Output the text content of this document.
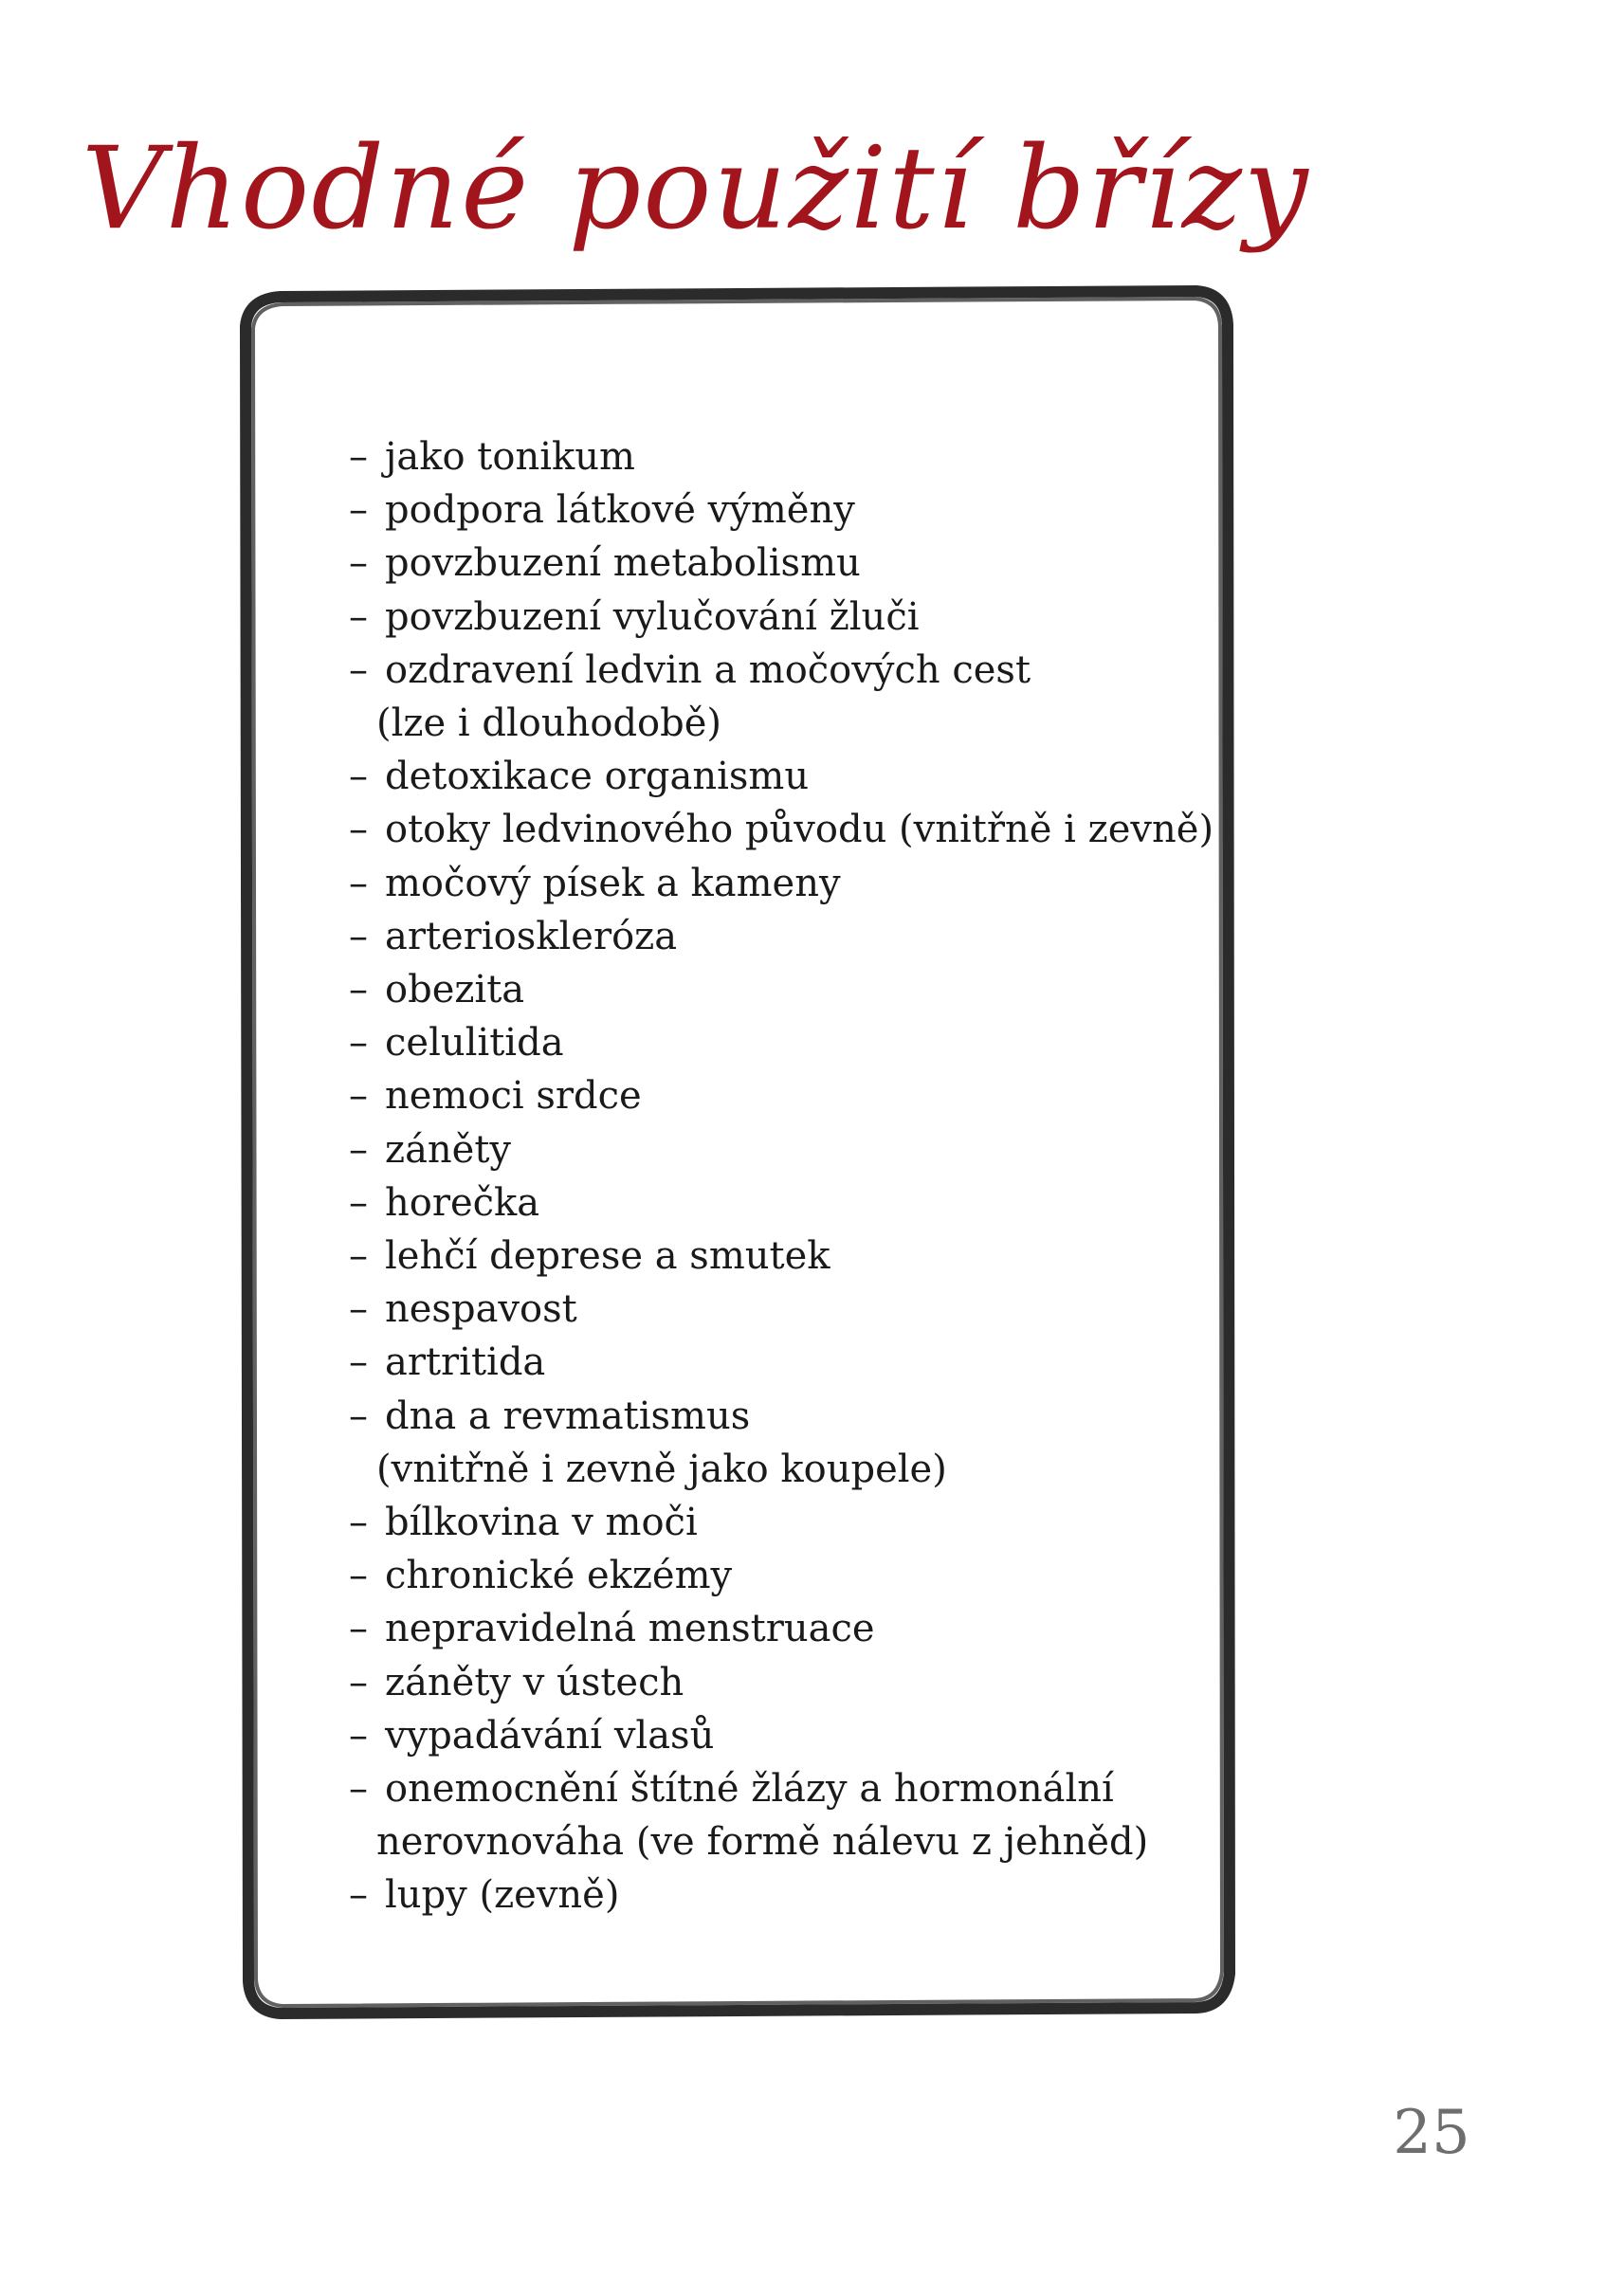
Vhodné použití břízy
– jako tonikum
– podpora látkové výměny
– povzbuzení metabolismu
– povzbuzení vylučování žluči
– ozdravení ledvin a močových cest
(lze i dlouhodobě)
– detoxikace organismu
– otoky ledvinového původu (vnitřně i zevně)
– močový písek a kameny
– arterioskleróza
– obezita
– celulitida
– nemoci srdce
– záněty
– horečka
– lehčí deprese a smutek
– nespavost
– artritida
– dna a revmatismus
(vnitřně i zevně jako koupele)
– bílkovina v moči
– chronické ekzémy
– nepravidelná menstruace
– záněty v ústech
– vypadávání vlasů
– onemocnění štítné žlázy a hormonální
nerovnováha (ve formě nálevu z jehněd)
– lupy (zevně)
25
